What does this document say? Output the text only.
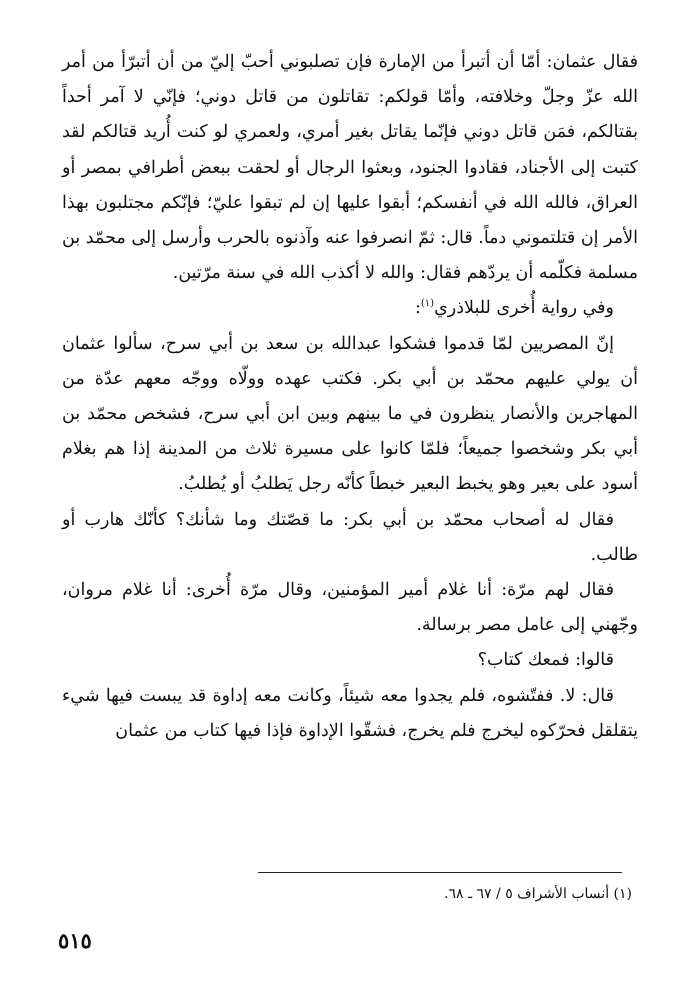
فقال عثمان: أمّا أن أتبرأ من الإمارة فإن تصلبوني أحبّ إليّ من أن أتبرّأ من أمر الله عزّ وجلّ وخلافته، وأمّا قولكم: تقاتلون من قاتل دوني؛ فإنّي لا آمر أحداً بقتالكم، فمَن قاتل دوني فإنّما يقاتل بغير أمري، ولعمري لو كنت أُريد قتالكم لقد كتبت إلى الأجناد، فقادوا الجنود، وبعثوا الرجال أو لحقت ببعض أطرافي بمصر أو العراق، فالله الله في أنفسكم؛ أبقوا عليها إن لم تبقوا عليّ؛ فإنّكم مجتلبون بهذا الأمر إن قتلتموني دماً. قال: ثمّ انصرفوا عنه وآذنوه بالحرب وأرسل إلى محمّد بن مسلمة فكلّمه أن يردّهم فقال: والله لا أكذب الله في سنة مرّتين.

وفي رواية أُخرى للبلاذري$^{(١)}$:

إنّ المصريين لمّا قدموا فشكوا عبدالله بن سعد بن أبي سرح، سألوا عثمان أن يولي عليهم محمّد بن أبي بكر. فكتب عهده وولّاه ووجّه معهم عدّة من المهاجرين والأنصار ينظرون في ما بينهم وبين ابن أبي سرح، فشخص محمّد بن أبي بكر وشخصوا جميعاً؛ فلمّا كانوا على مسيرة ثلاث من المدينة إذا هم بغلام أسود على بعير وهو يخبط البعير خبطاً كأنّه رجل يَطلبُ أو يُطلبُ.

فقال له أصحاب محمّد بن أبي بكر: ما قصّتك وما شأنك؟ كأنّك هارب أو طالب.

فقال لهم مرّة: أنا غلام أمير المؤمنين، وقال مرّة أُخرى: أنا غلام مروان، وجّهني إلى عامل مصر برسالة.

قالوا: فمعك كتاب؟

قال: لا. ففتّشوه، فلم يجدوا معه شيئاً، وكانت معه إداوة قد يبست فيها شيء يتقلقل فحرّكوه ليخرج فلم يخرج، فشقّوا الإداوة فإذا فيها كتاب من عثمان

(١) أنساب الأشراف ٥ / ٦٧ ـ ٦٨.
٥١٥
